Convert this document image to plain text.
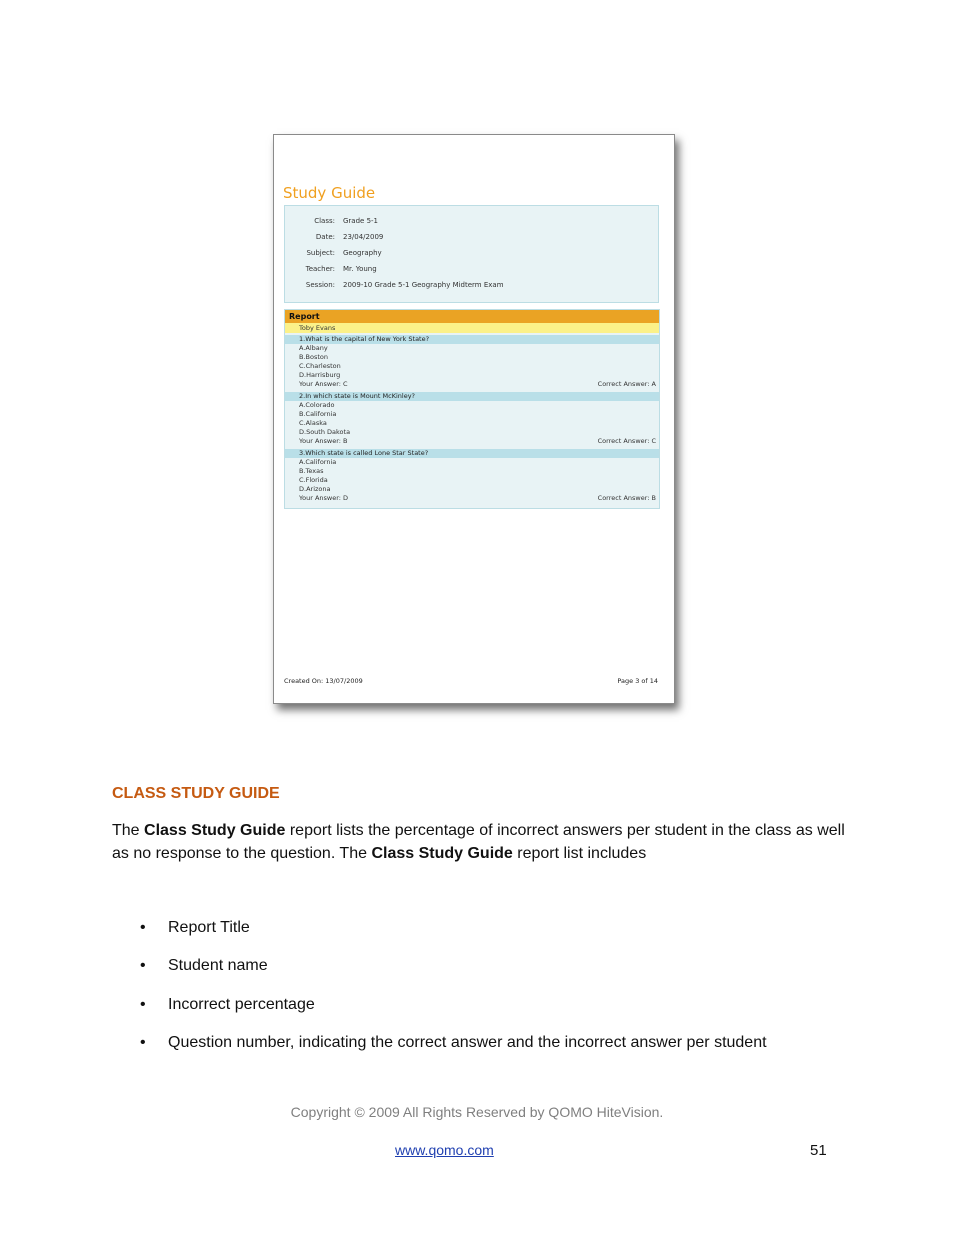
Study Guide
Class: Grade 5-1
Date: 23/04/2009
Subject: Geography
Teacher: Mr. Young
Session: 2009-10 Grade 5-1 Geography Midterm Exam
Report
Toby Evans
1.What is the capital of New York State?
A.Albany
B.Boston
C.Charleston
D.Harrisburg
Your Answer: C	Correct Answer: A
2.In which state is Mount McKinley?
A.Colorado
B.California
C.Alaska
D.South Dakota
Your Answer: B	Correct Answer: C
3.Which state is called Lone Star State?
A.California
B.Texas
C.Florida
D.Arizona
Your Answer: D	Correct Answer: B
Created On: 13/07/2009	Page 3 of 14
CLASS STUDY GUIDE
The Class Study Guide report lists the percentage of incorrect answers per student in the class as well as no response to the question. The Class Study Guide report list includes
•	Report Title
•	Student name
•	Incorrect percentage
•	Question number, indicating the correct answer and the incorrect answer per student
Copyright © 2009 All Rights Reserved by QOMO HiteVision.
www.qomo.com	51
